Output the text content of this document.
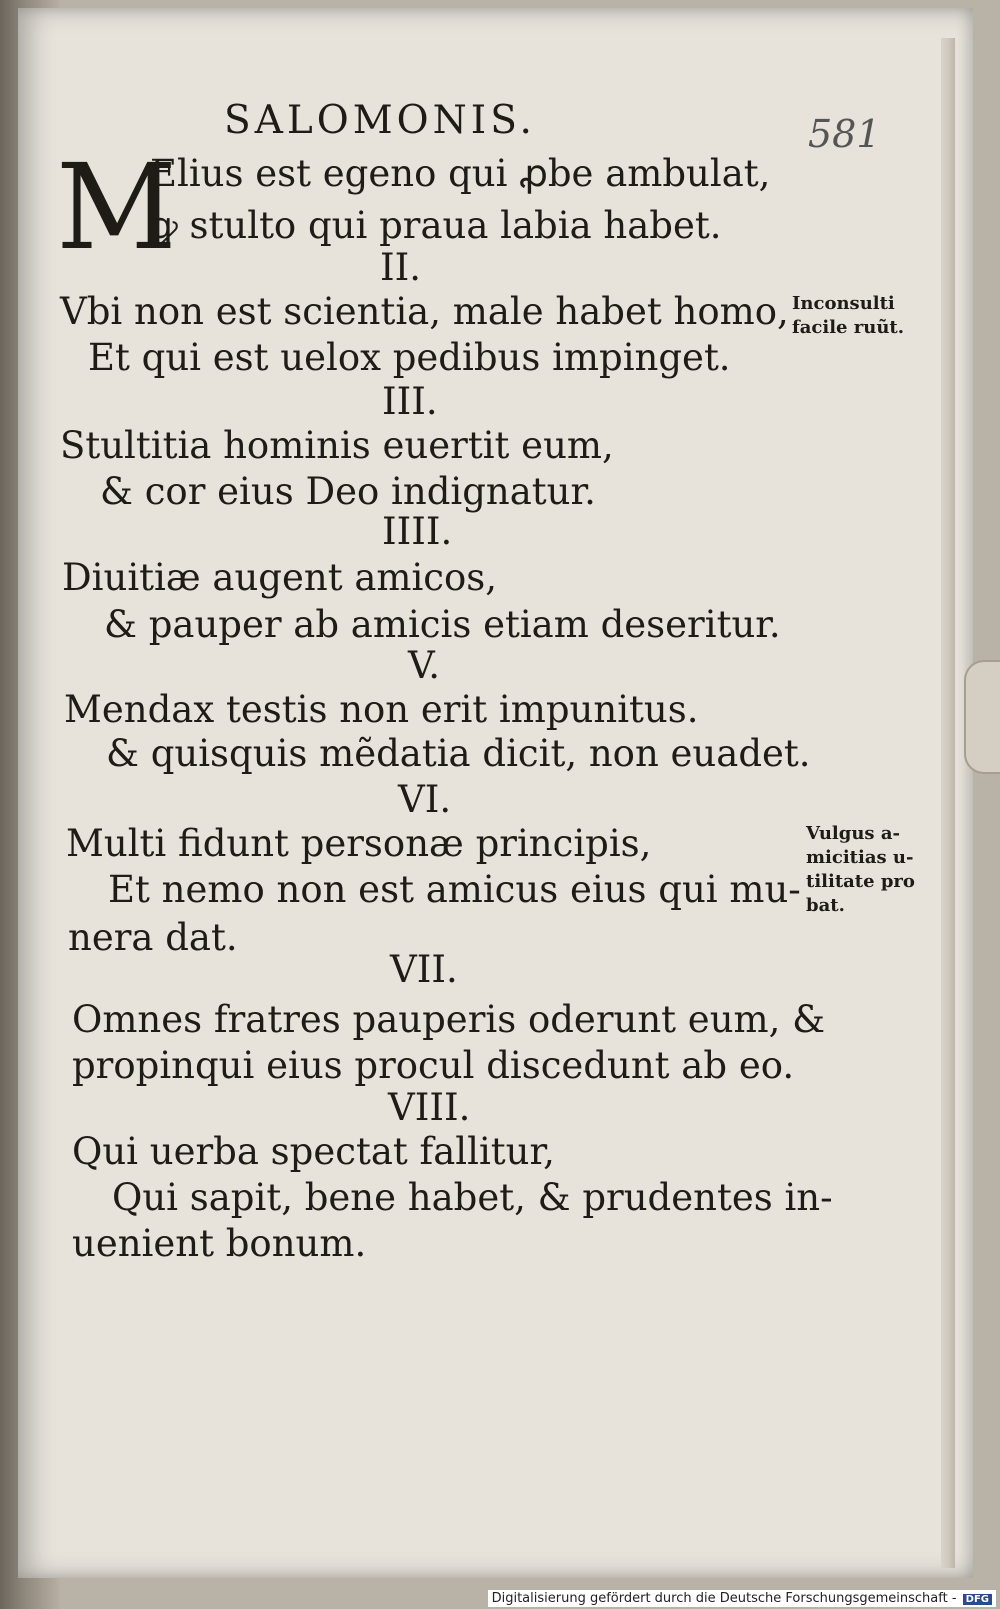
SALOMONIS.	581
M
Elius est egeno qui ꝓbe ambulat,
ꝙ stulto qui praua labia habet.
II.
Vbi non est scientia, male habet homo,
Et qui est uelox pedibus impinget.
III.
Stultitia hominis euertit eum,
& cor eius Deo indignatur.
IIII.
Diuitiæ augent amicos,
& pauper ab amicis etiam deseritur.
V.
Mendax testis non erit impunitus.
& quisquis mẽdatia dicit, non euadet.
VI.
Multi fidunt personæ principis,
Et nemo non est amicus eius qui mu-
nera dat.
VII.
Omnes fratres pauperis oderunt eum, &
propinqui eius procul discedunt ab eo.
VIII.
Qui uerba spectat fallitur,
Qui sapit, bene habet, & prudentes in-
uenient bonum.
Inconsulti
facile ruũt.
Vulgus a-
micitias u-
tilitate pro
bat.
Digitalisierung gefördert durch die Deutsche Forschungsgemeinschaft - DFG
